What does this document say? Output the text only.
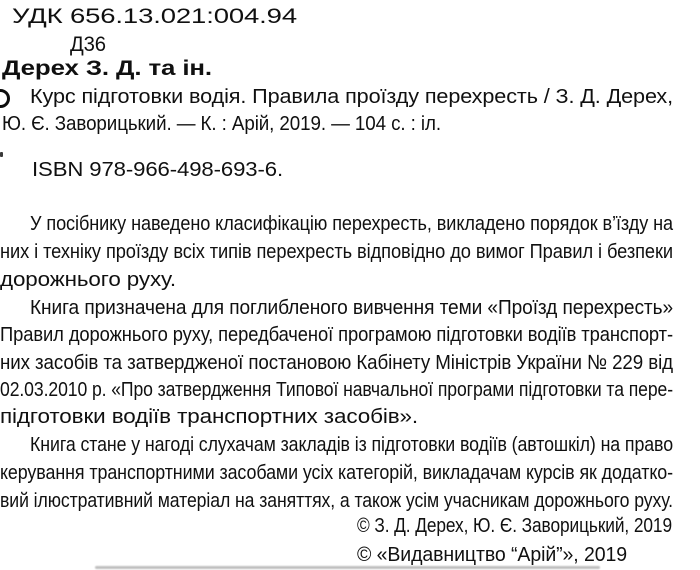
УДК 656.13.021:004.94
Д36
Дерех З. Д. та ін.
Курс підготовки водія. Правила проїзду перехресть / З. Д. Дерех,
Ю. Є. Заворицький. — К. : Арій, 2019. — 104 с. : іл.
ISBN 978-966-498-693-6.
У посібнику наведено класифікацію перехресть, викладено порядок в’їзду на
них і техніку проїзду всіх типів перехресть відповідно до вимог Правил і безпеки
дорожнього руху.
Книга призначена для поглибленого вивчення теми «Проїзд перехресть»
Правил дорожнього руху, передбаченої програмою підготовки водіїв транспорт-
них засобів та затвердженої постановою Кабінету Міністрів України № 229 від
02.03.2010 р. «Про затвердження Типової навчальної програми підготовки та пере-
підготовки водіїв транспортних засобів».
Книга стане у нагоді слухачам закладів із підготовки водіїв (автошкіл) на право
керування транспортними засобами усіх категорій, викладачам курсів як додатко-
вий ілюстративний матеріал на заняттях, а також усім учасникам дорожнього руху.
© З. Д. Дерех, Ю. Є. Заворицький, 2019
© «Видавництво “Арій”», 2019
